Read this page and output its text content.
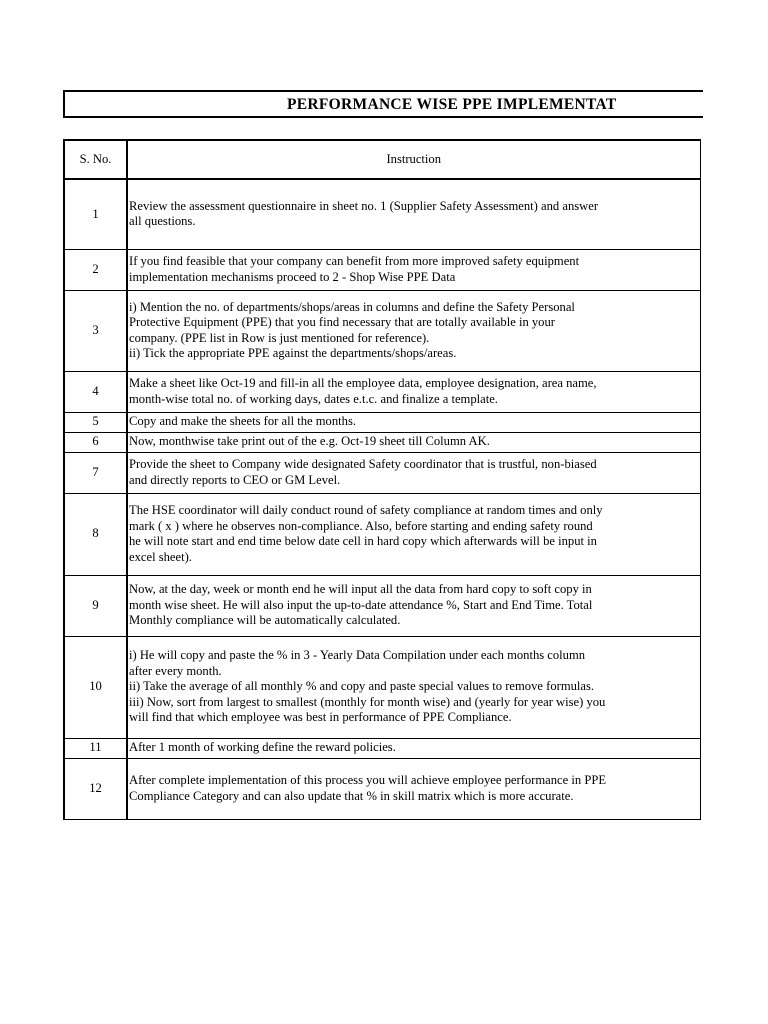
PERFORMANCE WISE PPE IMPLEMENTAT
S. No.	Instruction
1	Review the assessment questionnaire in sheet no. 1 (Supplier Safety Assessment) and answer
all questions.
2	If you find feasible that your company can benefit from more improved safety equipment
implementation mechanisms proceed to 2 - Shop Wise PPE Data
3	i) Mention the no. of departments/shops/areas in columns and define the Safety Personal
Protective Equipment (PPE) that you find necessary that are totally available in your
company. (PPE list in Row is just mentioned for reference).
ii) Tick the appropriate PPE against the departments/shops/areas.
4	Make a sheet like Oct-19 and fill-in all the employee data, employee designation, area name,
month-wise total no. of working days, dates e.t.c. and finalize a template.
5	Copy and make the sheets for all the months.
6	Now, monthwise take print out of the e.g. Oct-19 sheet till Column AK.
7	Provide the sheet to Company wide designated Safety coordinator that is trustful, non-biased
and directly reports to CEO or GM Level.
8	The HSE coordinator will daily conduct round of safety compliance at random times and only
mark ( x ) where he observes non-compliance. Also, before starting and ending safety round
he will note start and end time below date cell in hard copy which afterwards will be input in
excel sheet).
9	Now, at the day, week or month end he will input all the data from hard copy to soft copy in
month wise sheet. He will also input the up-to-date attendance %, Start and End Time. Total
Monthly compliance will be automatically calculated.
10	i) He will copy and paste the % in 3 - Yearly Data Compilation under each months column
after every month.
ii) Take the average of all monthly % and copy and paste special values to remove formulas.
iii) Now, sort from largest to smallest (monthly for month wise) and (yearly for year wise) you
will find that which employee was best in performance of PPE Compliance.
11	After 1 month of working define the reward policies.
12	After complete implementation of this process you will achieve employee performance in PPE
Compliance Category and can also update that % in skill matrix which is more accurate.
